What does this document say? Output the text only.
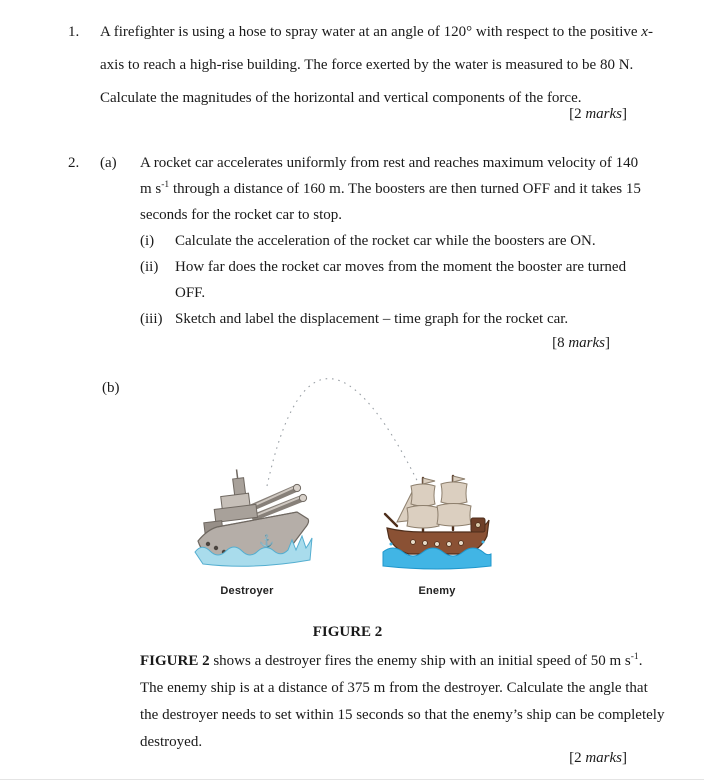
1.	A firefighter is using a hose to spray water at an angle of 120° with respect to the positive x-
axis to reach a high-rise building. The force exerted by the water is measured to be 80 N.
Calculate the magnitudes of the horizontal and vertical components of the force.
[2 marks]
2.	(a)	A rocket car accelerates uniformly from rest and reaches maximum velocity of 140
m $s^{-1}$ through a distance of 160 m. The boosters are then turned OFF and it takes 15
seconds for the rocket car to stop.
(i)	Calculate the acceleration of the rocket car while the boosters are ON.
(ii)	How far does the rocket car moves from the moment the booster are turned
OFF.
(iii) Sketch and label the displacement – time graph for the rocket car.
[8 marks]
(b)
⚓
Destroyer	Enemy
FIGURE 2
FIGURE 2 shows a destroyer fires the enemy ship with an initial speed of 50 m $s^{-1}$.
The enemy ship is at a distance of 375 m from the destroyer. Calculate the angle that
the destroyer needs to set within 15 seconds so that the enemy’s ship can be completely
destroyed.
[2 marks]
